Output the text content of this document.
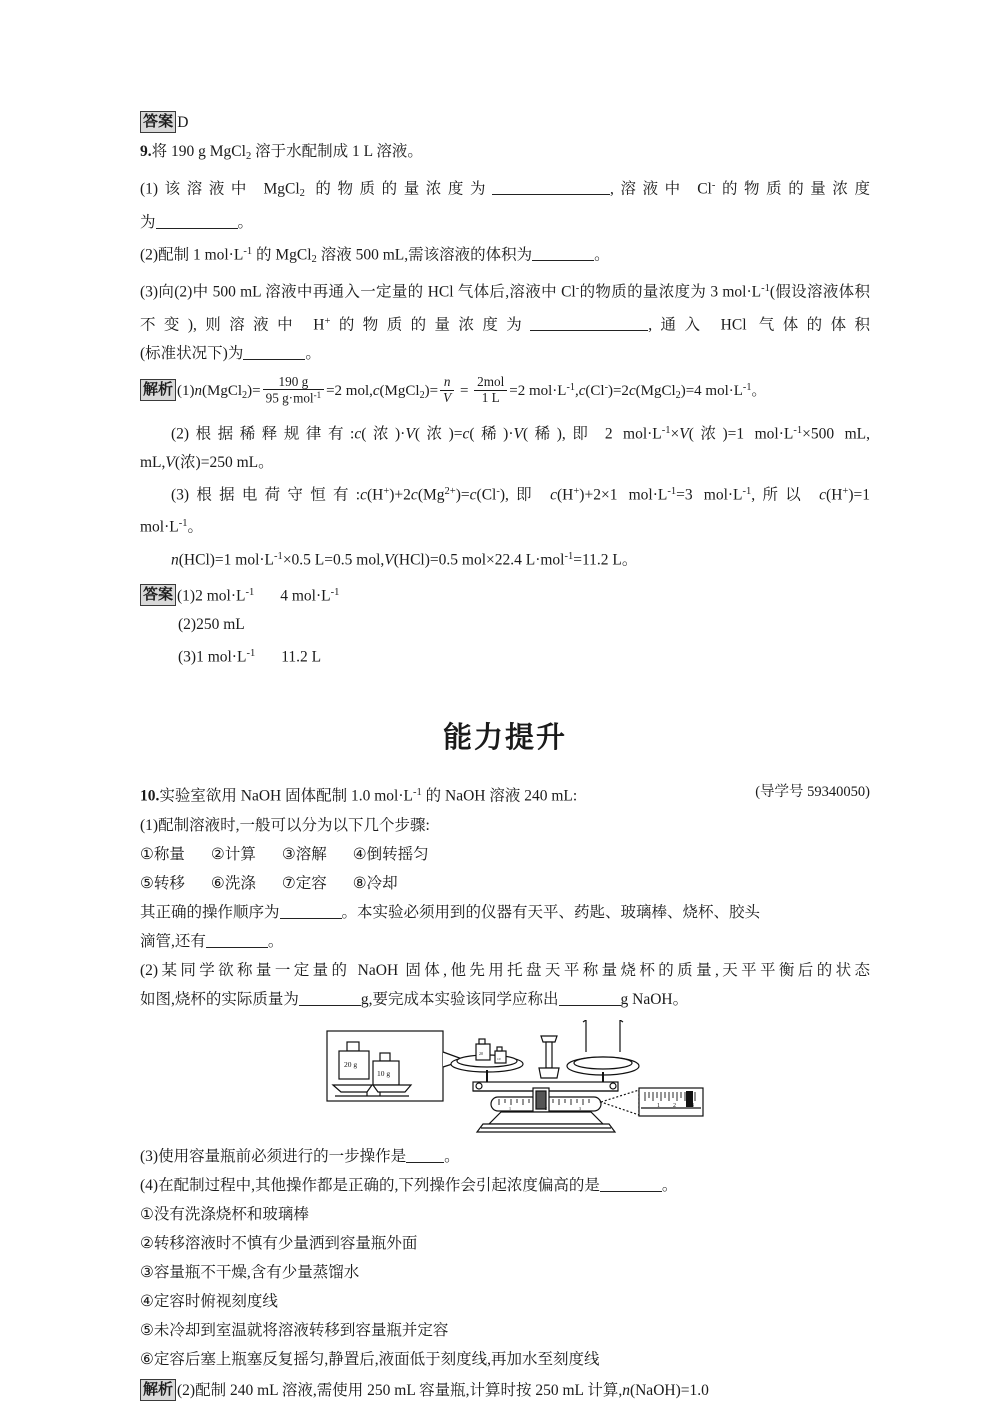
答案 D
9.将 190 g MgCl$_2$ 溶于水配制成 1 L 溶液。
(1)该溶液中 MgCl$_2$ 的物质的量浓度为	,溶液中 Cl-的物质的量浓度
为	。
(2)配制 1 $mol\cdot L^{-1}$ 的 MgCl$_2$ 溶液 500 mL,需该溶液的体积为	。
(3)向(2)中 500 mL 溶液中再通入一定量的 HCl 气体后,溶液中 Cl-的物质的量浓度为 3 $mol\cdot L^{-1}$(假设溶液体积不变),则溶液中 H+的物质的量浓度为	,通入 HCl 气体的体积
(标准状况下)为	。
解析 (1)n(MgCl$_2$)= $\frac{190 g}{95 g\cdot mol^{-1}} =2$ mol,c(MgCl$_2$)= $\frac{n}{V} = \frac{\text{2mol}}{1 L} =2$ $mol\cdot L^{-1},c(Cl^-)=2c(MgCl_2)=4$ $mol\cdot L^{-1}$。
(2)根据稀释规律有:c(浓)·V(浓)=c(稀)·V(稀),即 2 $mol\cdot L^{-1}\times V$(浓)=1 $mol\cdot L^{-1}\times 500$ mL,
mL,V(浓)=250 mL。
(3)根据电荷守恒有$:c(H^+)+2c(Mg^{2+})=c(Cl^-)$,即 c(H+)+2×1 $mol\cdot L^{-1}=3$ $mol\cdot L^{-1}$,所以 c(H+)=1
$mol\cdot L^{-1}$。
n(HCl)=1 $mol\cdot L^{-1}\times 0.5$ L=0.5 mol,V(HCl)=0.5 mol×22.4 L·mol$^{-1}$=11.2 L。
答案 (1)2 $mol\cdot L^{-1}$ 4 $mol\cdot L^{-1}$
(2)250 mL
(3)1 $mol\cdot L^{-1}$ 11.2 L
能力提升
10.实验室欲用 NaOH 固体配制 1.0 $mol\cdot L^{-1}$ 的 NaOH 溶液 240 mL:	(导学号 59340050)
(1)配制溶液时,一般可以分为以下几个步骤:
①称量 ②计算 ③溶解 ④倒转摇匀
⑤转移 ⑥洗涤 ⑦定容 ⑧冷却
其正确的操作顺序为	。本实验必须用到的仪器有天平、药匙、玻璃棒、烧杯、胶头
滴管,还有	。
(2)某同学欲称量一定量的 NaOH 固体,他先用托盘天平称量烧杯的质量,天平平衡后的状态
如图,烧杯的实际质量为	g,要完成本实验该同学应称出	g NaOH。
20 g
10 g
20
10
1 2	3
1	2	3
(3)使用容量瓶前必须进行的一步操作是 。
(4)在配制过程中,其他操作都是正确的,下列操作会引起浓度偏高的是	。
①没有洗涤烧杯和玻璃棒
②转移溶液时不慎有少量洒到容量瓶外面
③容量瓶不干燥,含有少量蒸馏水
④定容时俯视刻度线
⑤未冷却到室温就将溶液转移到容量瓶并定容
⑥定容后塞上瓶塞反复摇匀,静置后,液面低于刻度线,再加水至刻度线
解析 (2)配制 240 mL 溶液,需使用 250 mL 容量瓶,计算时按 250 mL 计算,n(NaOH)=1.0
